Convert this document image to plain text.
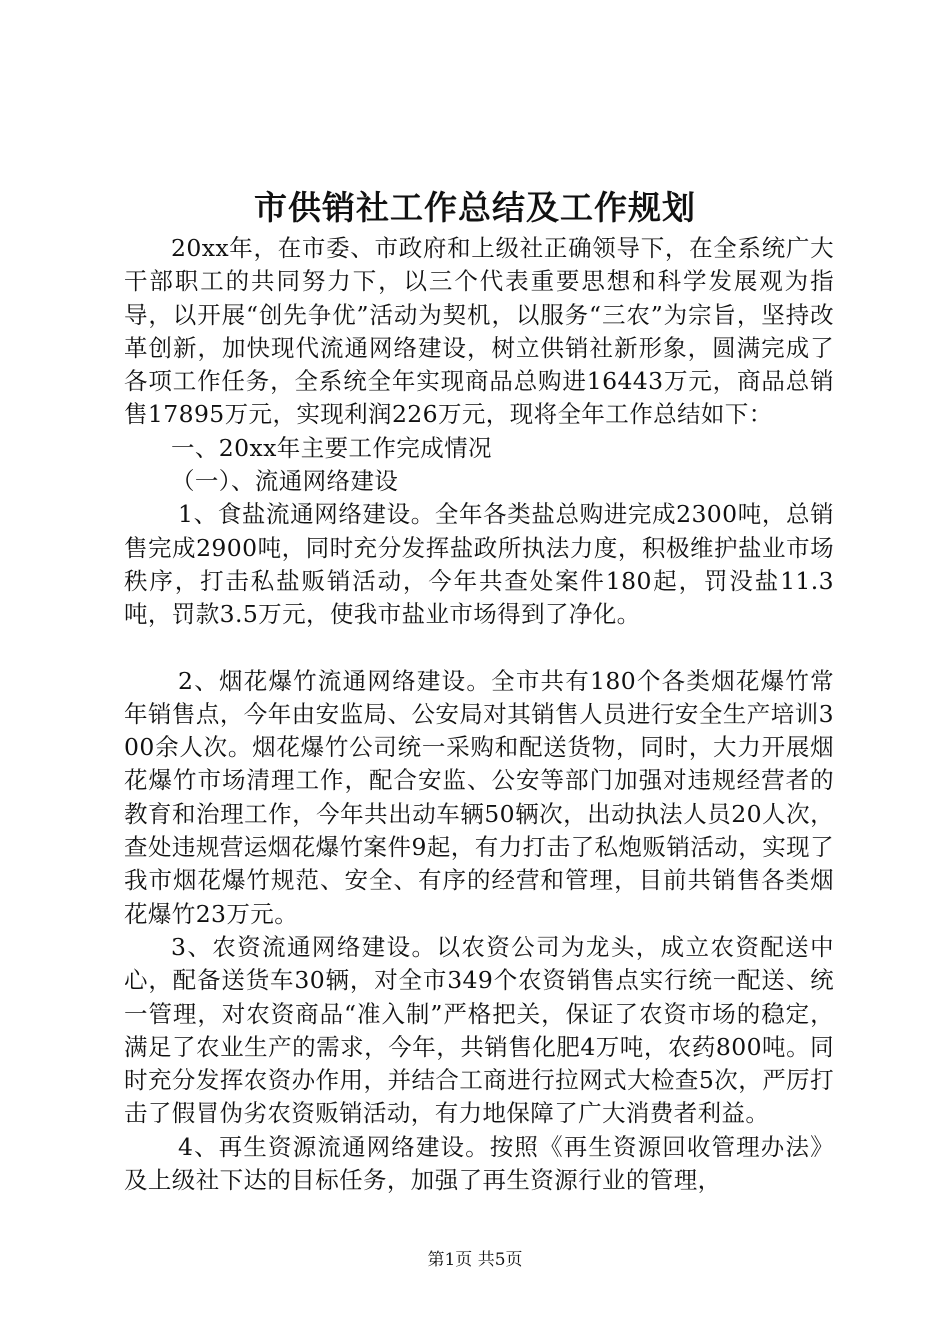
市供销社工作总结及工作规划

20xx年，在市委、市政府和上级社正确领导下，在全系统广大干部职工的共同努力下，以三个代表重要思想和科学发展观为指导，以开展“创先争优”活动为契机，以服务“三农”为宗旨，坚持改革创新，加快现代流通网络建设，树立供销社新形象，圆满完成了各项工作任务，全系统全年实现商品总购进16443万元，商品总销售17895万元，实现利润226万元，现将全年工作总结如下：

一、20xx年主要工作完成情况

（一）、流通网络建设

1、食盐流通网络建设。全年各类盐总购进完成2300吨，总销售完成2900吨，同时充分发挥盐政所执法力度，积极维护盐业市场秩序，打击私盐贩销活动，今年共查处案件180起，罚没盐11.3吨，罚款3.5万元，使我市盐业市场得到了净化。

2、烟花爆竹流通网络建设。全市共有180个各类烟花爆竹常年销售点，今年由安监局、公安局对其销售人员进行安全生产培训300余人次。烟花爆竹公司统一采购和配送货物，同时，大力开展烟花爆竹市场清理工作，配合安监、公安等部门加强对违规经营者的教育和治理工作，今年共出动车辆50辆次，出动执法人员20人次，查处违规营运烟花爆竹案件9起，有力打击了私炮贩销活动，实现了我市烟花爆竹规范、安全、有序的经营和管理，目前共销售各类烟花爆竹23万元。

3、农资流通网络建设。以农资公司为龙头，成立农资配送中心，配备送货车30辆，对全市349个农资销售点实行统一配送、统一管理，对农资商品“准入制”严格把关，保证了农资市场的稳定，满足了农业生产的需求，今年，共销售化肥4万吨，农药800吨。同时充分发挥农资办作用，并结合工商进行拉网式大检查5次，严厉打击了假冒伪劣农资贩销活动，有力地保障了广大消费者利益。

4、再生资源流通网络建设。按照《再生资源回收管理办法》及上级社下达的目标任务，加强了再生资源行业的管理，

第1页 共5页
